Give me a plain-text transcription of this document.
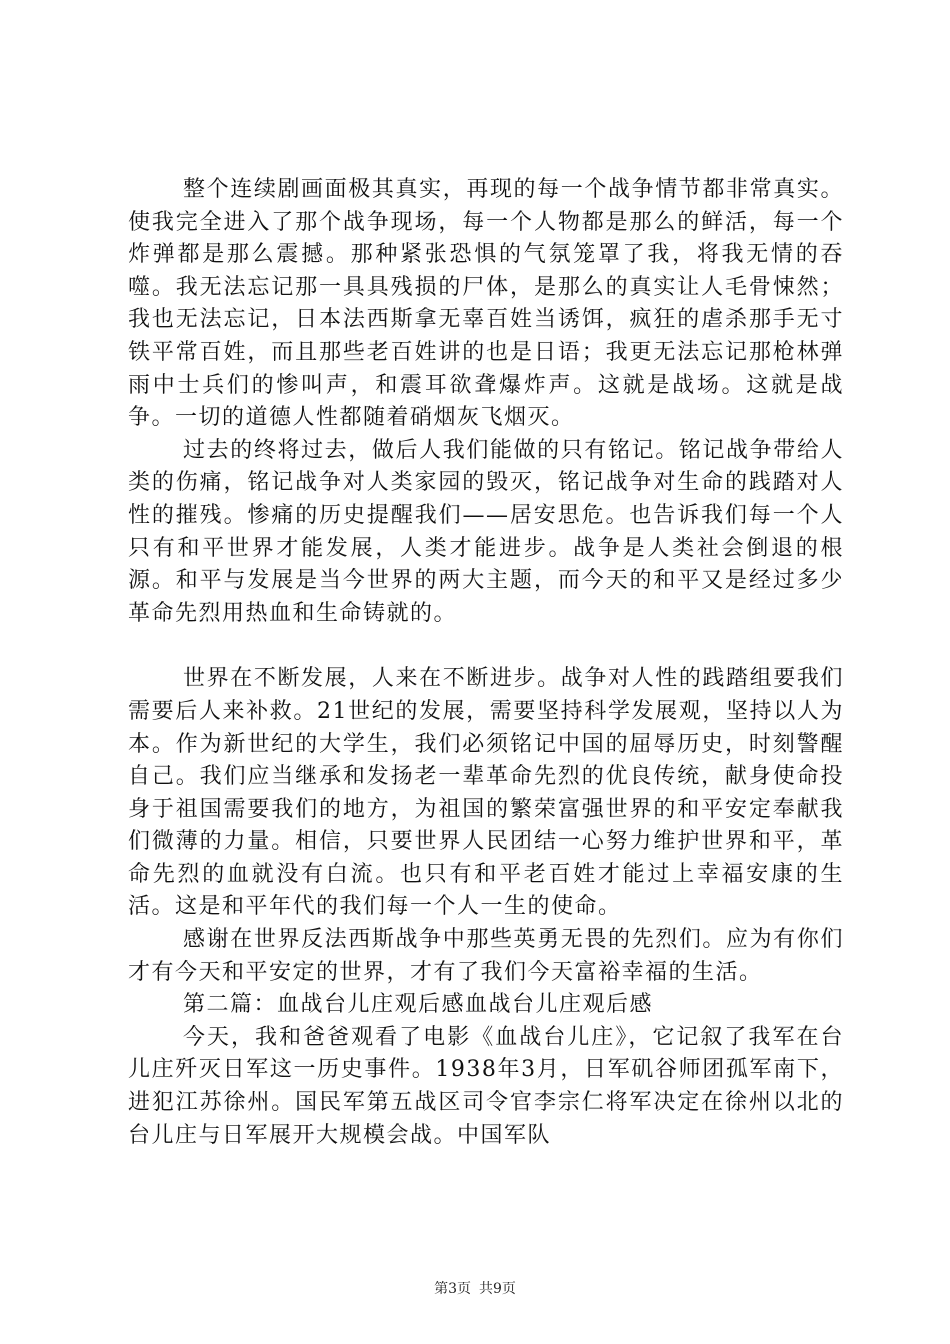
整个连续剧画面极其真实，再现的每一个战争情节都非常真实。使我完全进入了那个战争现场，每一个人物都是那么的鲜活，每一个炸弹都是那么震撼。那种紧张恐惧的气氛笼罩了我，将我无情的吞噬。我无法忘记那一具具残损的尸体，是那么的真实让人毛骨悚然；我也无法忘记，日本法西斯拿无辜百姓当诱饵，疯狂的虐杀那手无寸铁平常百姓，而且那些老百姓讲的也是日语；我更无法忘记那枪林弹雨中士兵们的惨叫声，和震耳欲聋爆炸声。这就是战场。这就是战争。一切的道德人性都随着硝烟灰飞烟灭。

过去的终将过去，做后人我们能做的只有铭记。铭记战争带给人类的伤痛，铭记战争对人类家园的毁灭，铭记战争对生命的践踏对人性的摧残。惨痛的历史提醒我们——居安思危。也告诉我们每一个人只有和平世界才能发展，人类才能进步。战争是人类社会倒退的根源。和平与发展是当今世界的两大主题，而今天的和平又是经过多少革命先烈用热血和生命铸就的。

世界在不断发展，人来在不断进步。战争对人性的践踏组要我们需要后人来补救。21世纪的发展，需要坚持科学发展观，坚持以人为本。作为新世纪的大学生，我们必须铭记中国的屈辱历史，时刻警醒自己。我们应当继承和发扬老一辈革命先烈的优良传统，献身使命投身于祖国需要我们的地方，为祖国的繁荣富强世界的和平安定奉献我们微薄的力量。相信，只要世界人民团结一心努力维护世界和平，革命先烈的血就没有白流。也只有和平老百姓才能过上幸福安康的生活。这是和平年代的我们每一个人一生的使命。

感谢在世界反法西斯战争中那些英勇无畏的先烈们。应为有你们才有今天和平安定的世界，才有了我们今天富裕幸福的生活。

第二篇：血战台儿庄观后感血战台儿庄观后感

今天，我和爸爸观看了电影《血战台儿庄》，它记叙了我军在台儿庄歼灭日军这一历史事件。1938年3月，日军矶谷师团孤军南下，进犯江苏徐州。国民军第五战区司令官李宗仁将军决定在徐州以北的台儿庄与日军展开大规模会战。中国军队

第3页 共9页
